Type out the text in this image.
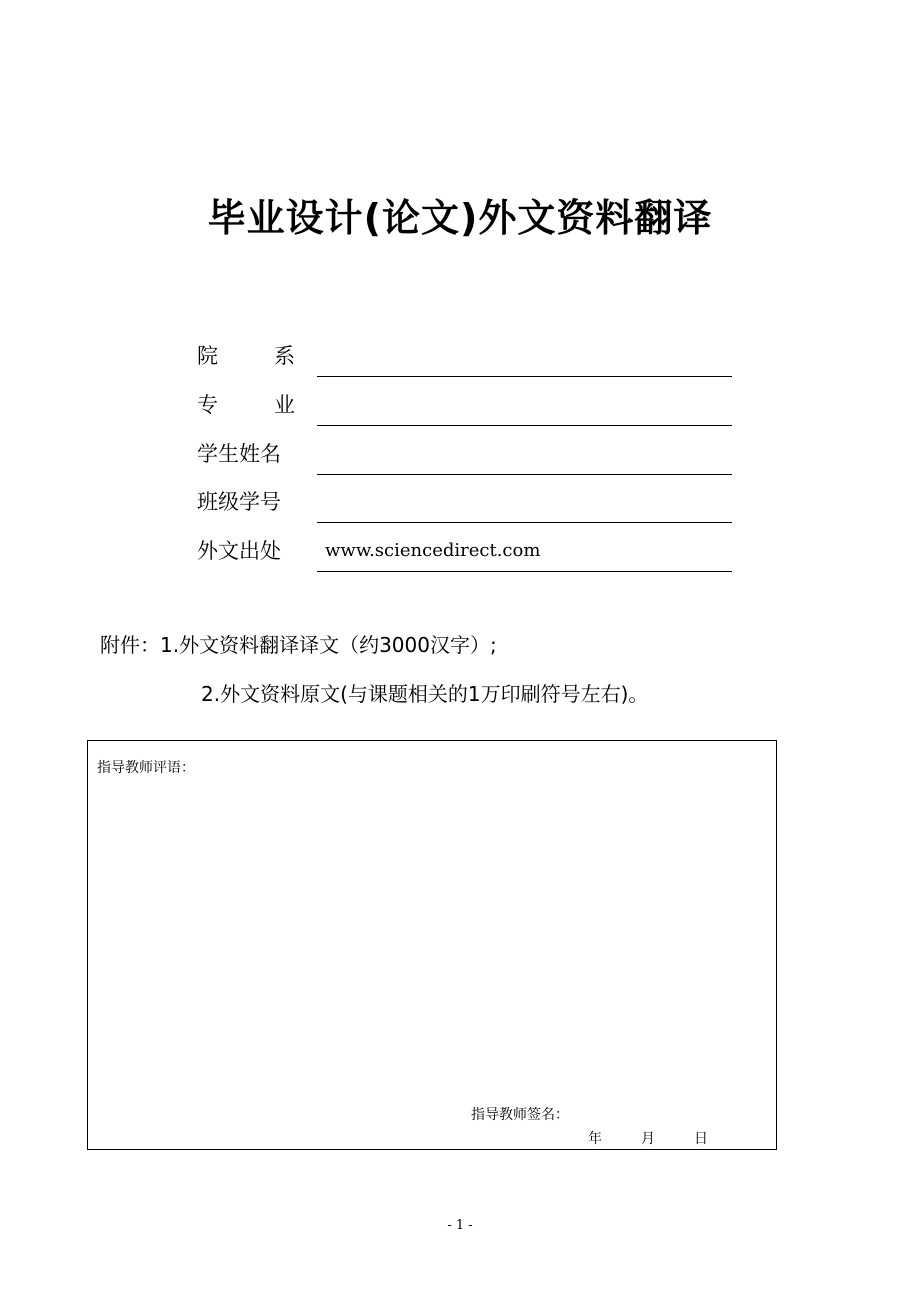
毕业设计(论文)外文资料翻译
院	系
专	业
学生姓名
班级学号
外文出处	www.sciencedirect.com
附件：1.外文资料翻译译文（约3000汉字）;
2.外文资料原文(与课题相关的1万印刷符号左右)。
指导教师评语：
指导教师签名：
年	月	日
- 1 -
